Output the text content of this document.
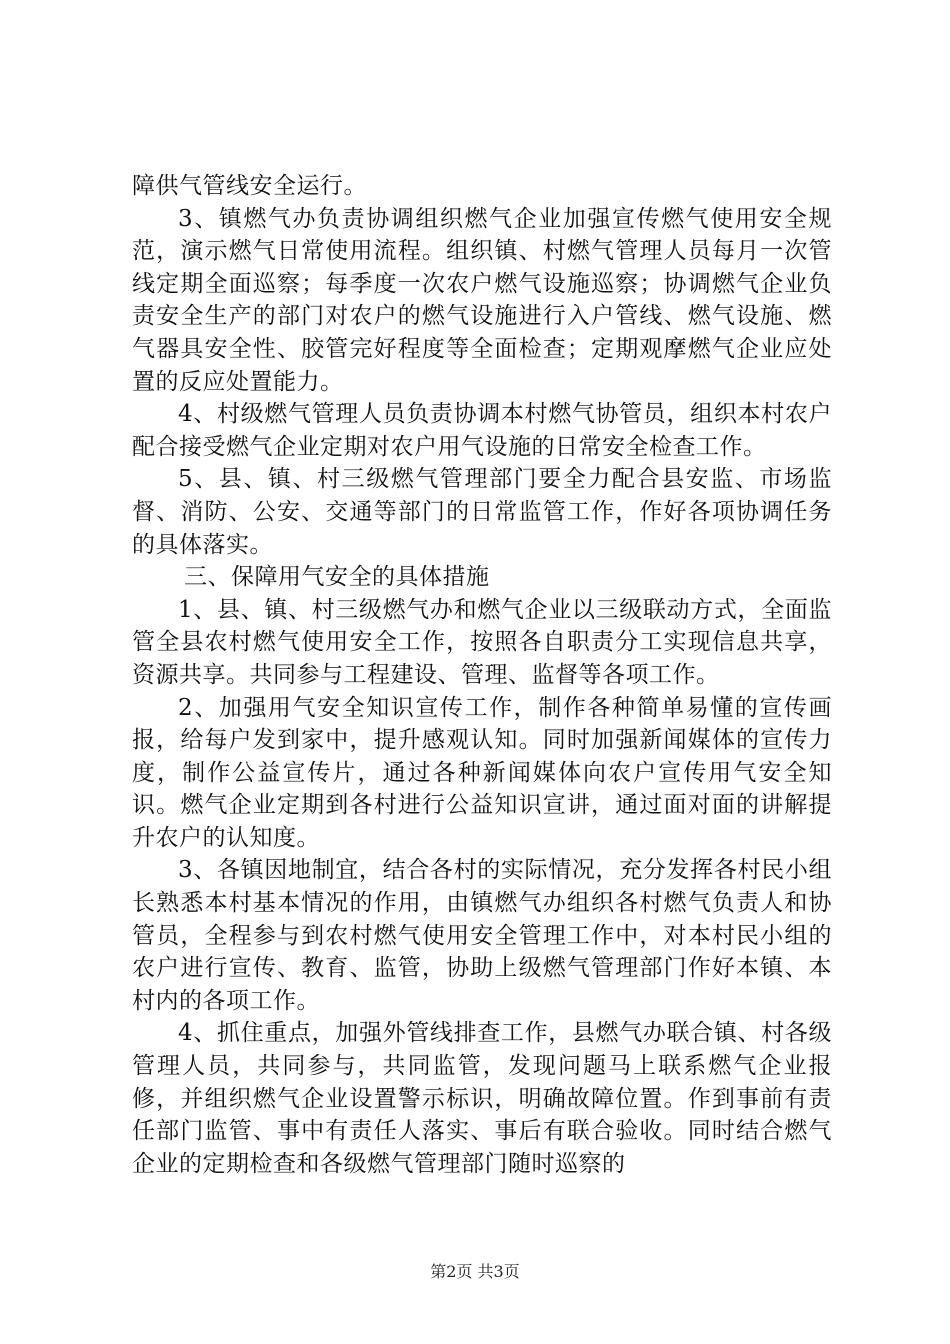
障供气管线安全运行。

3、镇燃气办负责协调组织燃气企业加强宣传燃气使用安全规范，演示燃气日常使用流程。组织镇、村燃气管理人员每月一次管线定期全面巡察；每季度一次农户燃气设施巡察；协调燃气企业负责安全生产的部门对农户的燃气设施进行入户管线、燃气设施、燃气器具安全性、胶管完好程度等全面检查；定期观摩燃气企业应处置的反应处置能力。

4、村级燃气管理人员负责协调本村燃气协管员，组织本村农户配合接受燃气企业定期对农户用气设施的日常安全检查工作。

5、县、镇、村三级燃气管理部门要全力配合县安监、市场监督、消防、公安、交通等部门的日常监管工作，作好各项协调任务的具体落实。

三、保障用气安全的具体措施

1、县、镇、村三级燃气办和燃气企业以三级联动方式，全面监管全县农村燃气使用安全工作，按照各自职责分工实现信息共享，资源共享。共同参与工程建设、管理、监督等各项工作。

2、加强用气安全知识宣传工作，制作各种简单易懂的宣传画报，给每户发到家中，提升感观认知。同时加强新闻媒体的宣传力度，制作公益宣传片，通过各种新闻媒体向农户宣传用气安全知识。燃气企业定期到各村进行公益知识宣讲，通过面对面的讲解提升农户的认知度。

3、各镇因地制宜，结合各村的实际情况，充分发挥各村民小组长熟悉本村基本情况的作用，由镇燃气办组织各村燃气负责人和协管员，全程参与到农村燃气使用安全管理工作中，对本村民小组的农户进行宣传、教育、监管，协助上级燃气管理部门作好本镇、本村内的各项工作。

4、抓住重点，加强外管线排查工作，县燃气办联合镇、村各级管理人员，共同参与，共同监管，发现问题马上联系燃气企业报修，并组织燃气企业设置警示标识，明确故障位置。作到事前有责任部门监管、事中有责任人落实、事后有联合验收。同时结合燃气企业的定期检查和各级燃气管理部门随时巡察的

第2页 共3页
